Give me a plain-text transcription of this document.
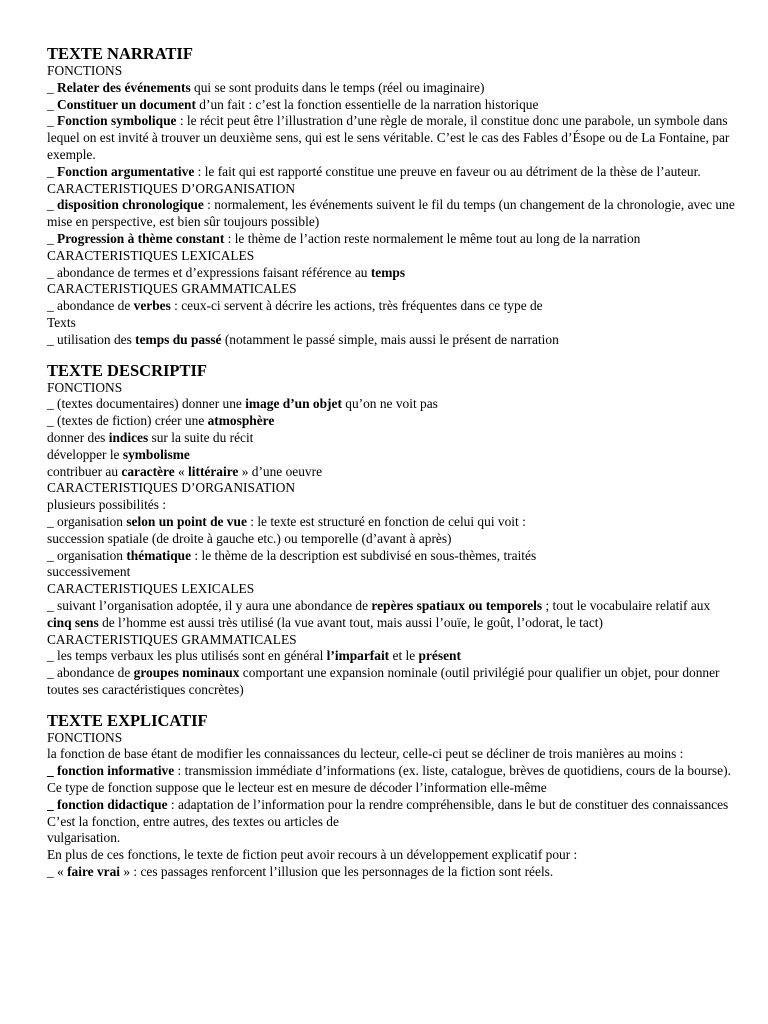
TEXTE NARRATIF

FONCTIONS

_ Relater des événements qui se sont produits dans le temps (réel ou imaginaire)

_ Constituer un document d’un fait : c’est la fonction essentielle de la narration historique

_ Fonction symbolique : le récit peut être l’illustration d’une règle de morale, il constitue donc une parabole, un symbole dans lequel on est invité à trouver un deuxième sens, qui est le sens véritable. C’est le cas des Fables d’Ésope ou de La Fontaine, par exemple.

_ Fonction argumentative : le fait qui est rapporté constitue une preuve en faveur ou au détriment de la thèse de l’auteur.

CARACTERISTIQUES D’ORGANISATION

_ disposition chronologique : normalement, les événements suivent le fil du temps (un changement de la chronologie, avec une mise en perspective, est bien sûr toujours possible)

_ Progression à thème constant : le thème de l’action reste normalement le même tout au long de la narration

CARACTERISTIQUES LEXICALES

_ abondance de termes et d’expressions faisant référence au temps

CARACTERISTIQUES GRAMMATICALES

_ abondance de verbes : ceux-ci servent à décrire les actions, très fréquentes dans ce type de

Texts

_ utilisation des temps du passé (notamment le passé simple, mais aussi le présent de narration

TEXTE DESCRIPTIF

FONCTIONS

_ (textes documentaires) donner une image d’un objet qu’on ne voit pas

_ (textes de fiction) créer une atmosphère

donner des indices sur la suite du récit

développer le symbolisme

contribuer au caractère « littéraire » d’une oeuvre

CARACTERISTIQUES D’ORGANISATION

plusieurs possibilités :

_ organisation selon un point de vue : le texte est structuré en fonction de celui qui voit :

succession spatiale (de droite à gauche etc.) ou temporelle (d’avant à après)

_ organisation thématique : le thème de la description est subdivisé en sous-thèmes, traités

successivement

CARACTERISTIQUES LEXICALES

_ suivant l’organisation adoptée, il y aura une abondance de repères spatiaux ou temporels ; tout le vocabulaire relatif aux cinq sens de l’homme est aussi très utilisé (la vue avant tout, mais aussi l’ouïe, le goût, l’odorat, le tact)

CARACTERISTIQUES GRAMMATICALES

_ les temps verbaux les plus utilisés sont en général l’imparfait et le présent

_ abondance de groupes nominaux comportant une expansion nominale (outil privilégié pour qualifier un objet, pour donner toutes ses caractéristiques concrètes)

TEXTE EXPLICATIF

FONCTIONS

la fonction de base étant de modifier les connaissances du lecteur, celle-ci peut se décliner de trois manières au moins :

_ fonction informative : transmission immédiate d’informations (ex. liste, catalogue, brèves de quotidiens, cours de la bourse). Ce type de fonction suppose que le lecteur est en mesure de décoder l’information elle-même

_ fonction didactique : adaptation de l’information pour la rendre compréhensible, dans le but de constituer des connaissances C’est la fonction, entre autres, des textes ou articles de

vulgarisation.

En plus de ces fonctions, le texte de fiction peut avoir recours à un développement explicatif pour :

_ « faire vrai » : ces passages renforcent l’illusion que les personnages de la fiction sont réels.
